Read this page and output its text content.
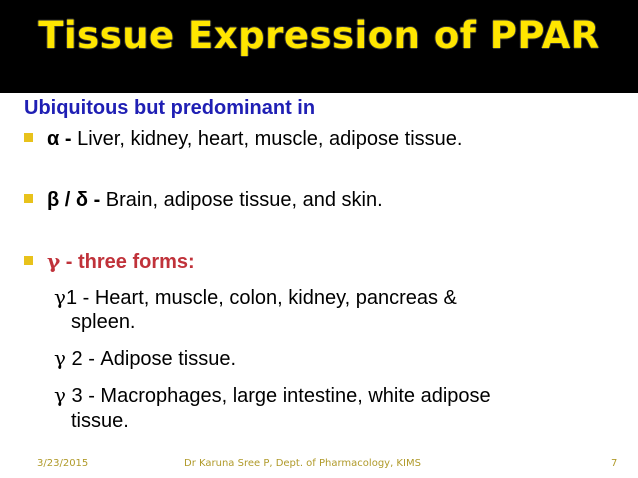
Tissue Expression of PPAR
Ubiquitous but predominant in
α - Liver, kidney, heart, muscle, adipose tissue.
β / δ - Brain, adipose tissue, and skin.
γ - three forms:
γ1 - Heart, muscle, colon, kidney, pancreas &
spleen.
γ 2 - Adipose tissue.
γ 3 - Macrophages, large intestine, white adipose
tissue.
3/23/2015	Dr Karuna Sree P, Dept. of Pharmacology, KIMS	7
